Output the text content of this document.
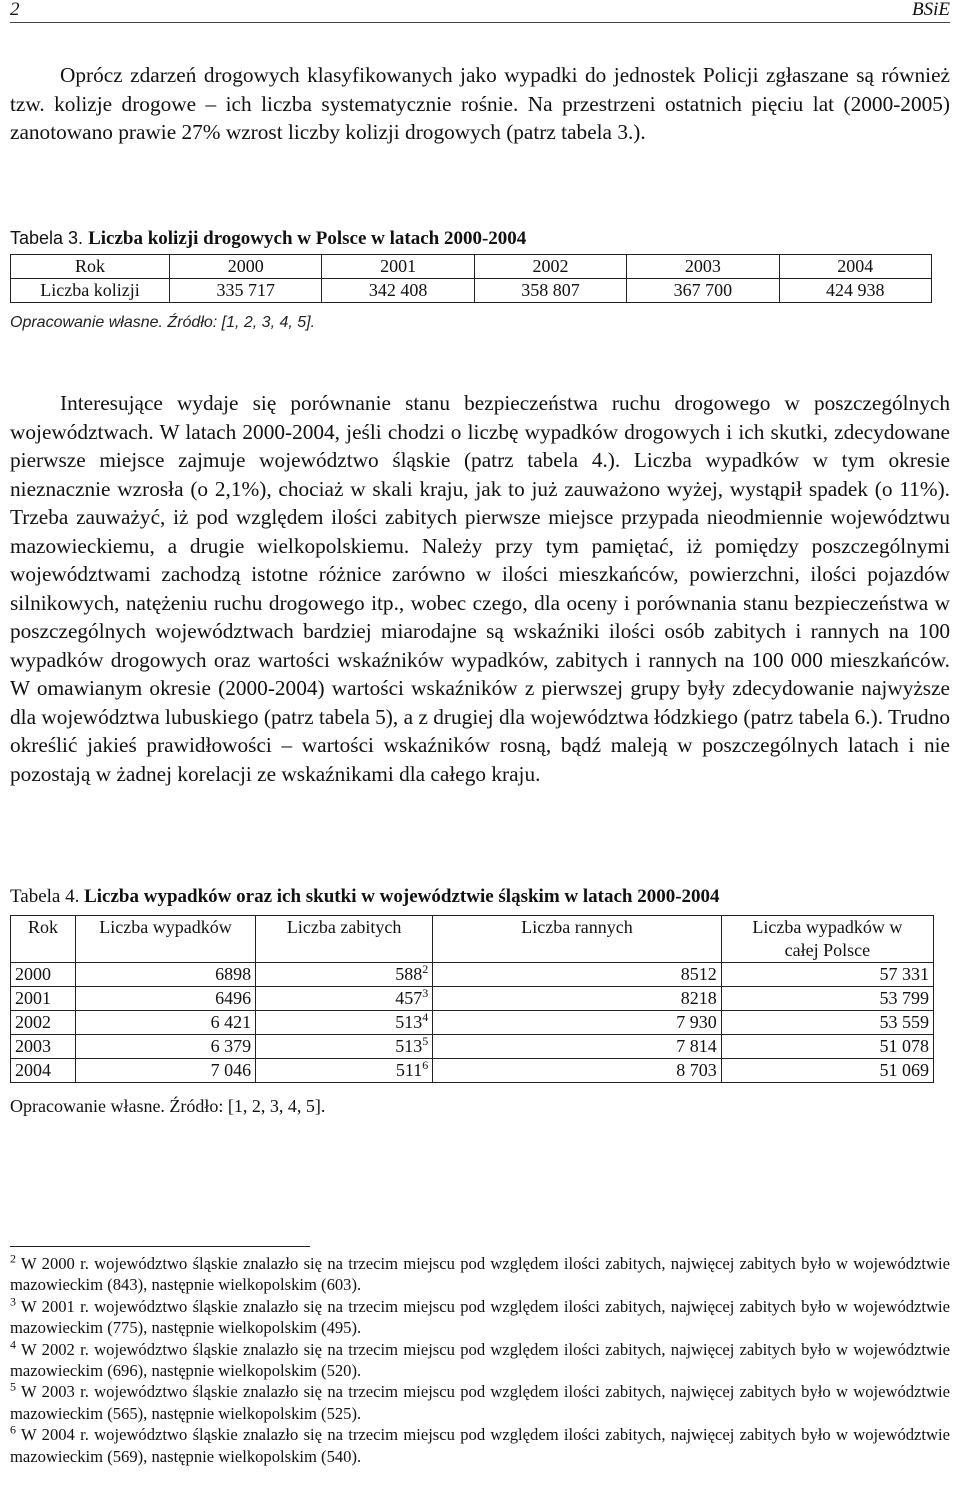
2	BSiE

Oprócz zdarzeń drogowych klasyfikowanych jako wypadki do jednostek Policji zgłaszane są również tzw. kolizje drogowe – ich liczba systematycznie rośnie. Na przestrzeni ostatnich pięciu lat (2000-2005) zanotowano prawie 27% wzrost liczby kolizji drogowych (patrz tabela 3.).

Tabela 3. Liczba kolizji drogowych w Polsce w latach 2000-2004
Rok	2000	2001	2002	2003	2004
Liczba kolizji	335 717	342 408	358 807	367 700	424 938
Opracowanie własne. Źródło: [1, 2, 3, 4, 5].

Interesujące wydaje się porównanie stanu bezpieczeństwa ruchu drogowego w poszczególnych województwach. W latach 2000-2004, jeśli chodzi o liczbę wypadków drogowych i ich skutki, zdecydowane pierwsze miejsce zajmuje województwo śląskie (patrz tabela 4.). Liczba wypadków w tym okresie nieznacznie wzrosła (o 2,1%), chociaż w skali kraju, jak to już zauważono wyżej, wystąpił spadek (o 11%). Trzeba zauważyć, iż pod względem ilości zabitych pierwsze miejsce przypada nieodmiennie województwu mazowieckiemu, a drugie wielkopolskiemu. Należy przy tym pamiętać, iż pomiędzy poszczególnymi województwami zachodzą istotne różnice zarówno w ilości mieszkańców, powierzchni, ilości pojazdów silnikowych, natężeniu ruchu drogowego itp., wobec czego, dla oceny i porównania stanu bezpieczeństwa w poszczególnych województwach bardziej miarodajne są wskaźniki ilości osób zabitych i rannych na 100 wypadków drogowych oraz wartości wskaźników wypadków, zabitych i rannych na 100 000 mieszkańców. W omawianym okresie (2000-2004) wartości wskaźników z pierwszej grupy były zdecydowanie najwyższe dla województwa lubuskiego (patrz tabela 5), a z drugiej dla województwa łódzkiego (patrz tabela 6.). Trudno określić jakieś prawidłowości – wartości wskaźników rosną, bądź maleją w poszczególnych latach i nie pozostają w żadnej korelacji ze wskaźnikami dla całego kraju.

Tabela 4. Liczba wypadków oraz ich skutki w województwie śląskim w latach 2000-2004
Rok	Liczba wypadków	Liczba zabitych	Liczba rannych	Liczba wypadków w całej Polsce
2000	6898	$588^2$	8512	57 331
2001	6496	$457^3$	8218	53 799
2002	6 421	$513^4$	7 930	53 559
2003	6 379	$513^5$	7 814	51 078
2004	7 046	$511^6$	8 703	51 069
Opracowanie własne. Źródło: [1, 2, 3, 4, 5].

$^2$ W 2000 r. województwo śląskie znalazło się na trzecim miejscu pod względem ilości zabitych, najwięcej zabitych było w województwie mazowieckim (843), następnie wielkopolskim (603).

$^3$ W 2001 r. województwo śląskie znalazło się na trzecim miejscu pod względem ilości zabitych, najwięcej zabitych było w województwie mazowieckim (775), następnie wielkopolskim (495).

$^4$ W 2002 r. województwo śląskie znalazło się na trzecim miejscu pod względem ilości zabitych, najwięcej zabitych było w województwie mazowieckim (696), następnie wielkopolskim (520).

$^5$ W 2003 r. województwo śląskie znalazło się na trzecim miejscu pod względem ilości zabitych, najwięcej zabitych było w województwie mazowieckim (565), następnie wielkopolskim (525).

$^6$ W 2004 r. województwo śląskie znalazło się na trzecim miejscu pod względem ilości zabitych, najwięcej zabitych było w województwie mazowieckim (569), następnie wielkopolskim (540).
